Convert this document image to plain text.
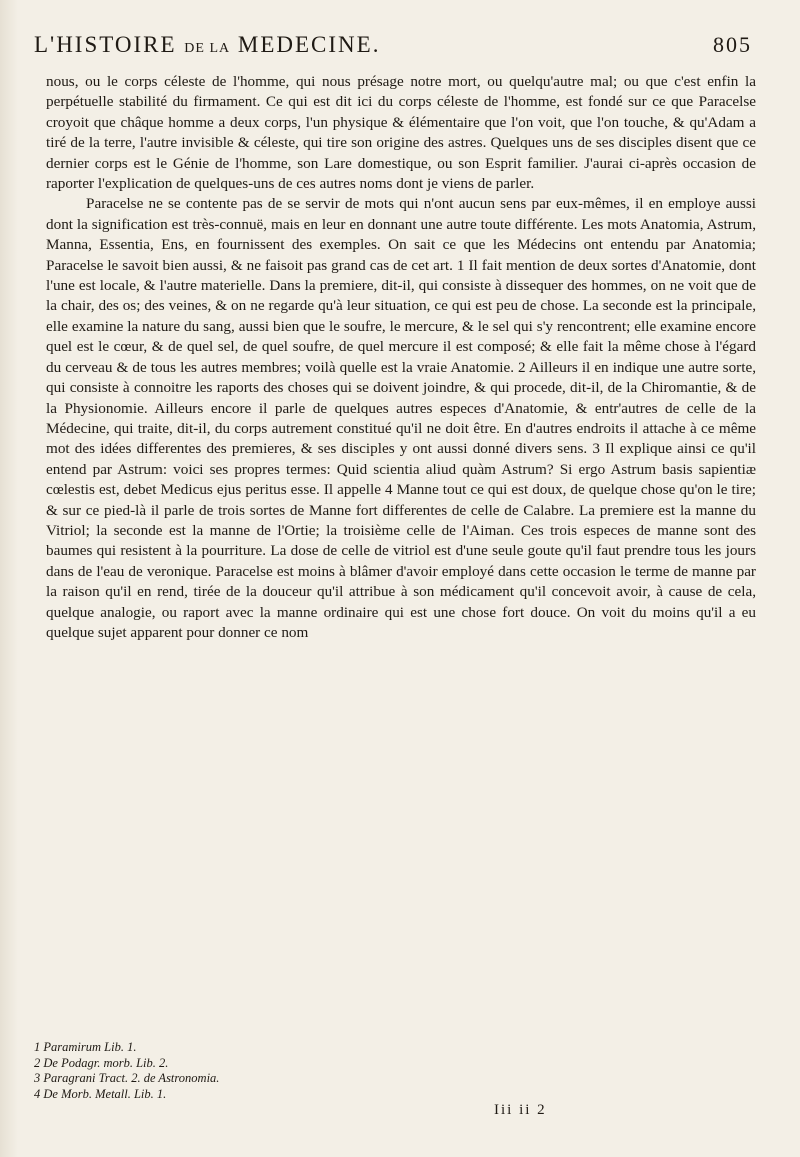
L'HISTOIRE DE LA MEDECINE.	805

nous, ou le corps céleste de l'homme, qui nous présage notre mort, ou quelqu'autre mal; ou que c'est enfin la perpétuelle stabilité du firmament. Ce qui est dit ici du corps céleste de l'homme, est fondé sur ce que Paracelse croyoit que châque homme a deux corps, l'un physique & élémentaire que l'on voit, que l'on touche, & qu'Adam a tiré de la terre, l'autre invisible & céleste, qui tire son origine des astres. Quelques uns de ses disciples disent que ce dernier corps est le Génie de l'homme, son Lare domestique, ou son Esprit familier. J'aurai ci-après occasion de raporter l'explication de quelques-uns de ces autres noms dont je viens de parler.

Paracelse ne se contente pas de se servir de mots qui n'ont aucun sens par eux-mêmes, il en employe aussi dont la signification est très-connuë, mais en leur en donnant une autre toute différente. Les mots Anatomia, Astrum, Manna, Essentia, Ens, en fournissent des exemples. On sait ce que les Médecins ont entendu par Anatomia; Paracelse le savoit bien aussi, & ne faisoit pas grand cas de cet art. 1 Il fait mention de deux sortes d'Anatomie, dont l'une est locale, & l'autre materielle. Dans la premiere, dit-il, qui consiste à dissequer des hommes, on ne voit que de la chair, des os; des veines, & on ne regarde qu'à leur situation, ce qui est peu de chose. La seconde est la principale, elle examine la nature du sang, aussi bien que le soufre, le mercure, & le sel qui s'y rencontrent; elle examine encore quel est le cœur, & de quel sel, de quel soufre, de quel mercure il est composé; & elle fait la même chose à l'égard du cerveau & de tous les autres membres; voilà quelle est la vraie Anatomie. 2 Ailleurs il en indique une autre sorte, qui consiste à connoitre les raports des choses qui se doivent joindre, & qui procede, dit-il, de la Chiromantie, & de la Physionomie. Ailleurs encore il parle de quelques autres especes d'Anatomie, & entr'autres de celle de la Médecine, qui traite, dit-il, du corps autrement constitué qu'il ne doit être. En d'autres endroits il attache à ce même mot des idées differentes des premieres, & ses disciples y ont aussi donné divers sens. 3 Il explique ainsi ce qu'il entend par Astrum: voici ses propres termes: Quid scientia aliud quàm Astrum? Si ergo Astrum basis sapientiæ cœlestis est, debet Medicus ejus peritus esse. Il appelle 4 Manne tout ce qui est doux, de quelque chose qu'on le tire; & sur ce pied-là il parle de trois sortes de Manne fort differentes de celle de Calabre. La premiere est la manne du Vitriol; la seconde est la manne de l'Ortie; la troisième celle de l'Aiman. Ces trois especes de manne sont des baumes qui resistent à la pourriture. La dose de celle de vitriol est d'une seule goute qu'il faut prendre tous les jours dans de l'eau de veronique. Paracelse est moins à blâmer d'avoir employé dans cette occasion le terme de manne par la raison qu'il en rend, tirée de la douceur qu'il attribue à son médicament qu'il concevoit avoir, à cause de cela, quelque analogie, ou raport avec la manne ordinaire qui est une chose fort douce. On voit du moins qu'il a eu quelque sujet apparent pour donner ce nom

1 Paramirum Lib. 1.
2 De Podagr. morb. Lib. 2.
3 Paragrani Tract. 2. de Astronomia.
4 De Morb. Metall. Lib. 1.
Iii ii 2
